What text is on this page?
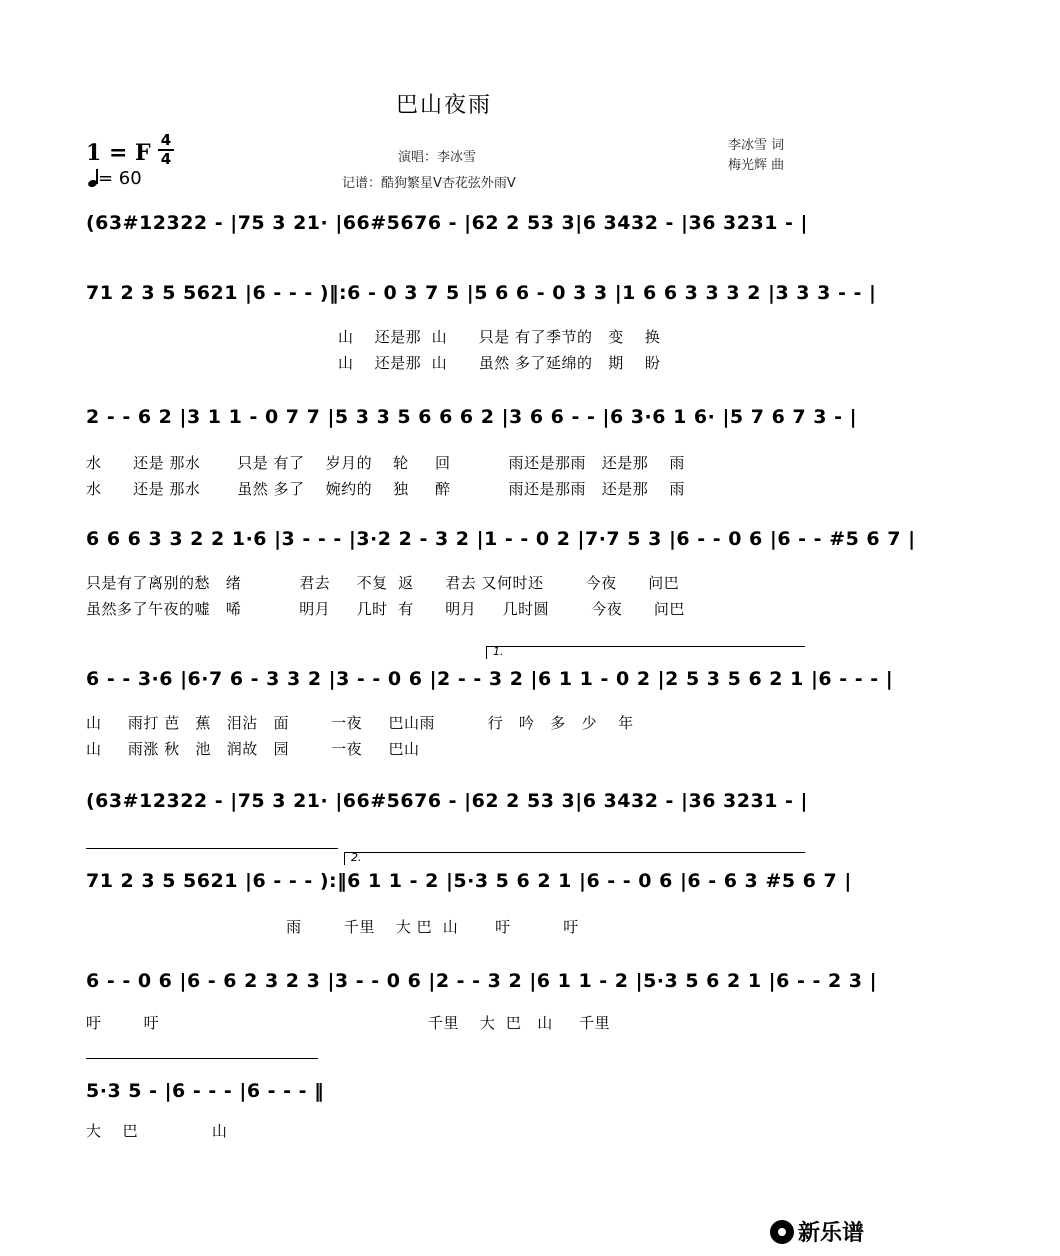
巴山夜雨
1 = F 4
4
= 60
演唱：李冰雪
记谱：酷狗繁星V杏花弦外雨V
李冰雪 词
梅光辉 曲
(63#12322 - |75 3 21· |66#5676 - |62 2 53 3|6 3432 - |36 3231 - |
71 2 3 5 5621 |6 - - - )‖:6 - 0 3 7 5 |5 6 6 - 0 3 3 |1 6 6 3 3 3 2 |3 3 3 - - |
山    还是那  山      只是 有了季节的   变    换
山    还是那  山      虽然 多了延绵的   期    盼
2 - - 6 2 |3 1 1 - 0 7 7 |5 3 3 5 6 6 6 2 |3 6 6 - - |6 3·6 1 6· |5 7 6 7 3 - |
水      还是 那水       只是 有了    岁月的    轮     回           雨还是那雨   还是那    雨
水      还是 那水       虽然 多了    婉约的    独     醉           雨还是那雨   还是那    雨
6 6 6 3 3 2 2 1·6 |3 - - - |3·2 2 - 3 2 |1 - - 0 2 |7·7 5 3 |6 - - 0 6 |6 - - #5 6 7 |
只是有了离别的愁   绪           君去     不复  返      君去 又何时还        今夜      问巴
虽然多了午夜的嘘   唏           明月     几时  有      明月     几时圆        今夜      问巴
1.
6 - - 3·6 |6·7 6 - 3 3 2 |3 - - 0 6 |2 - - 3 2 |6 1 1 - 0 2 |2 5 3 5 6 2 1 |6 - - - |
山     雨打 芭   蕉   泪沾   面        一夜     巴山雨          行   吟   多   少    年
山     雨涨 秋   池   润故   园        一夜     巴山
(63#12322 - |75 3 21· |66#5676 - |62 2 53 3|6 3432 - |36 3231 - |
2.
71 2 3 5 5621 |6 - - - ):‖6 1 1 - 2 |5·3 5 6 2 1 |6 - - 0 6 |6 - 6 3 #5 6 7 |
雨        千里    大 巴  山       吁          吁
6 - - 0 6 |6 - 6 2 3 2 3 |3 - - 0 6 |2 - - 3 2 |6 1 1 - 2 |5·3 5 6 2 1 |6 - - 2 3 |
吁        吁                                                   千里    大  巴   山     千里
5·3 5 - |6 - - - |6 - - - ‖
大    巴              山
新乐谱
